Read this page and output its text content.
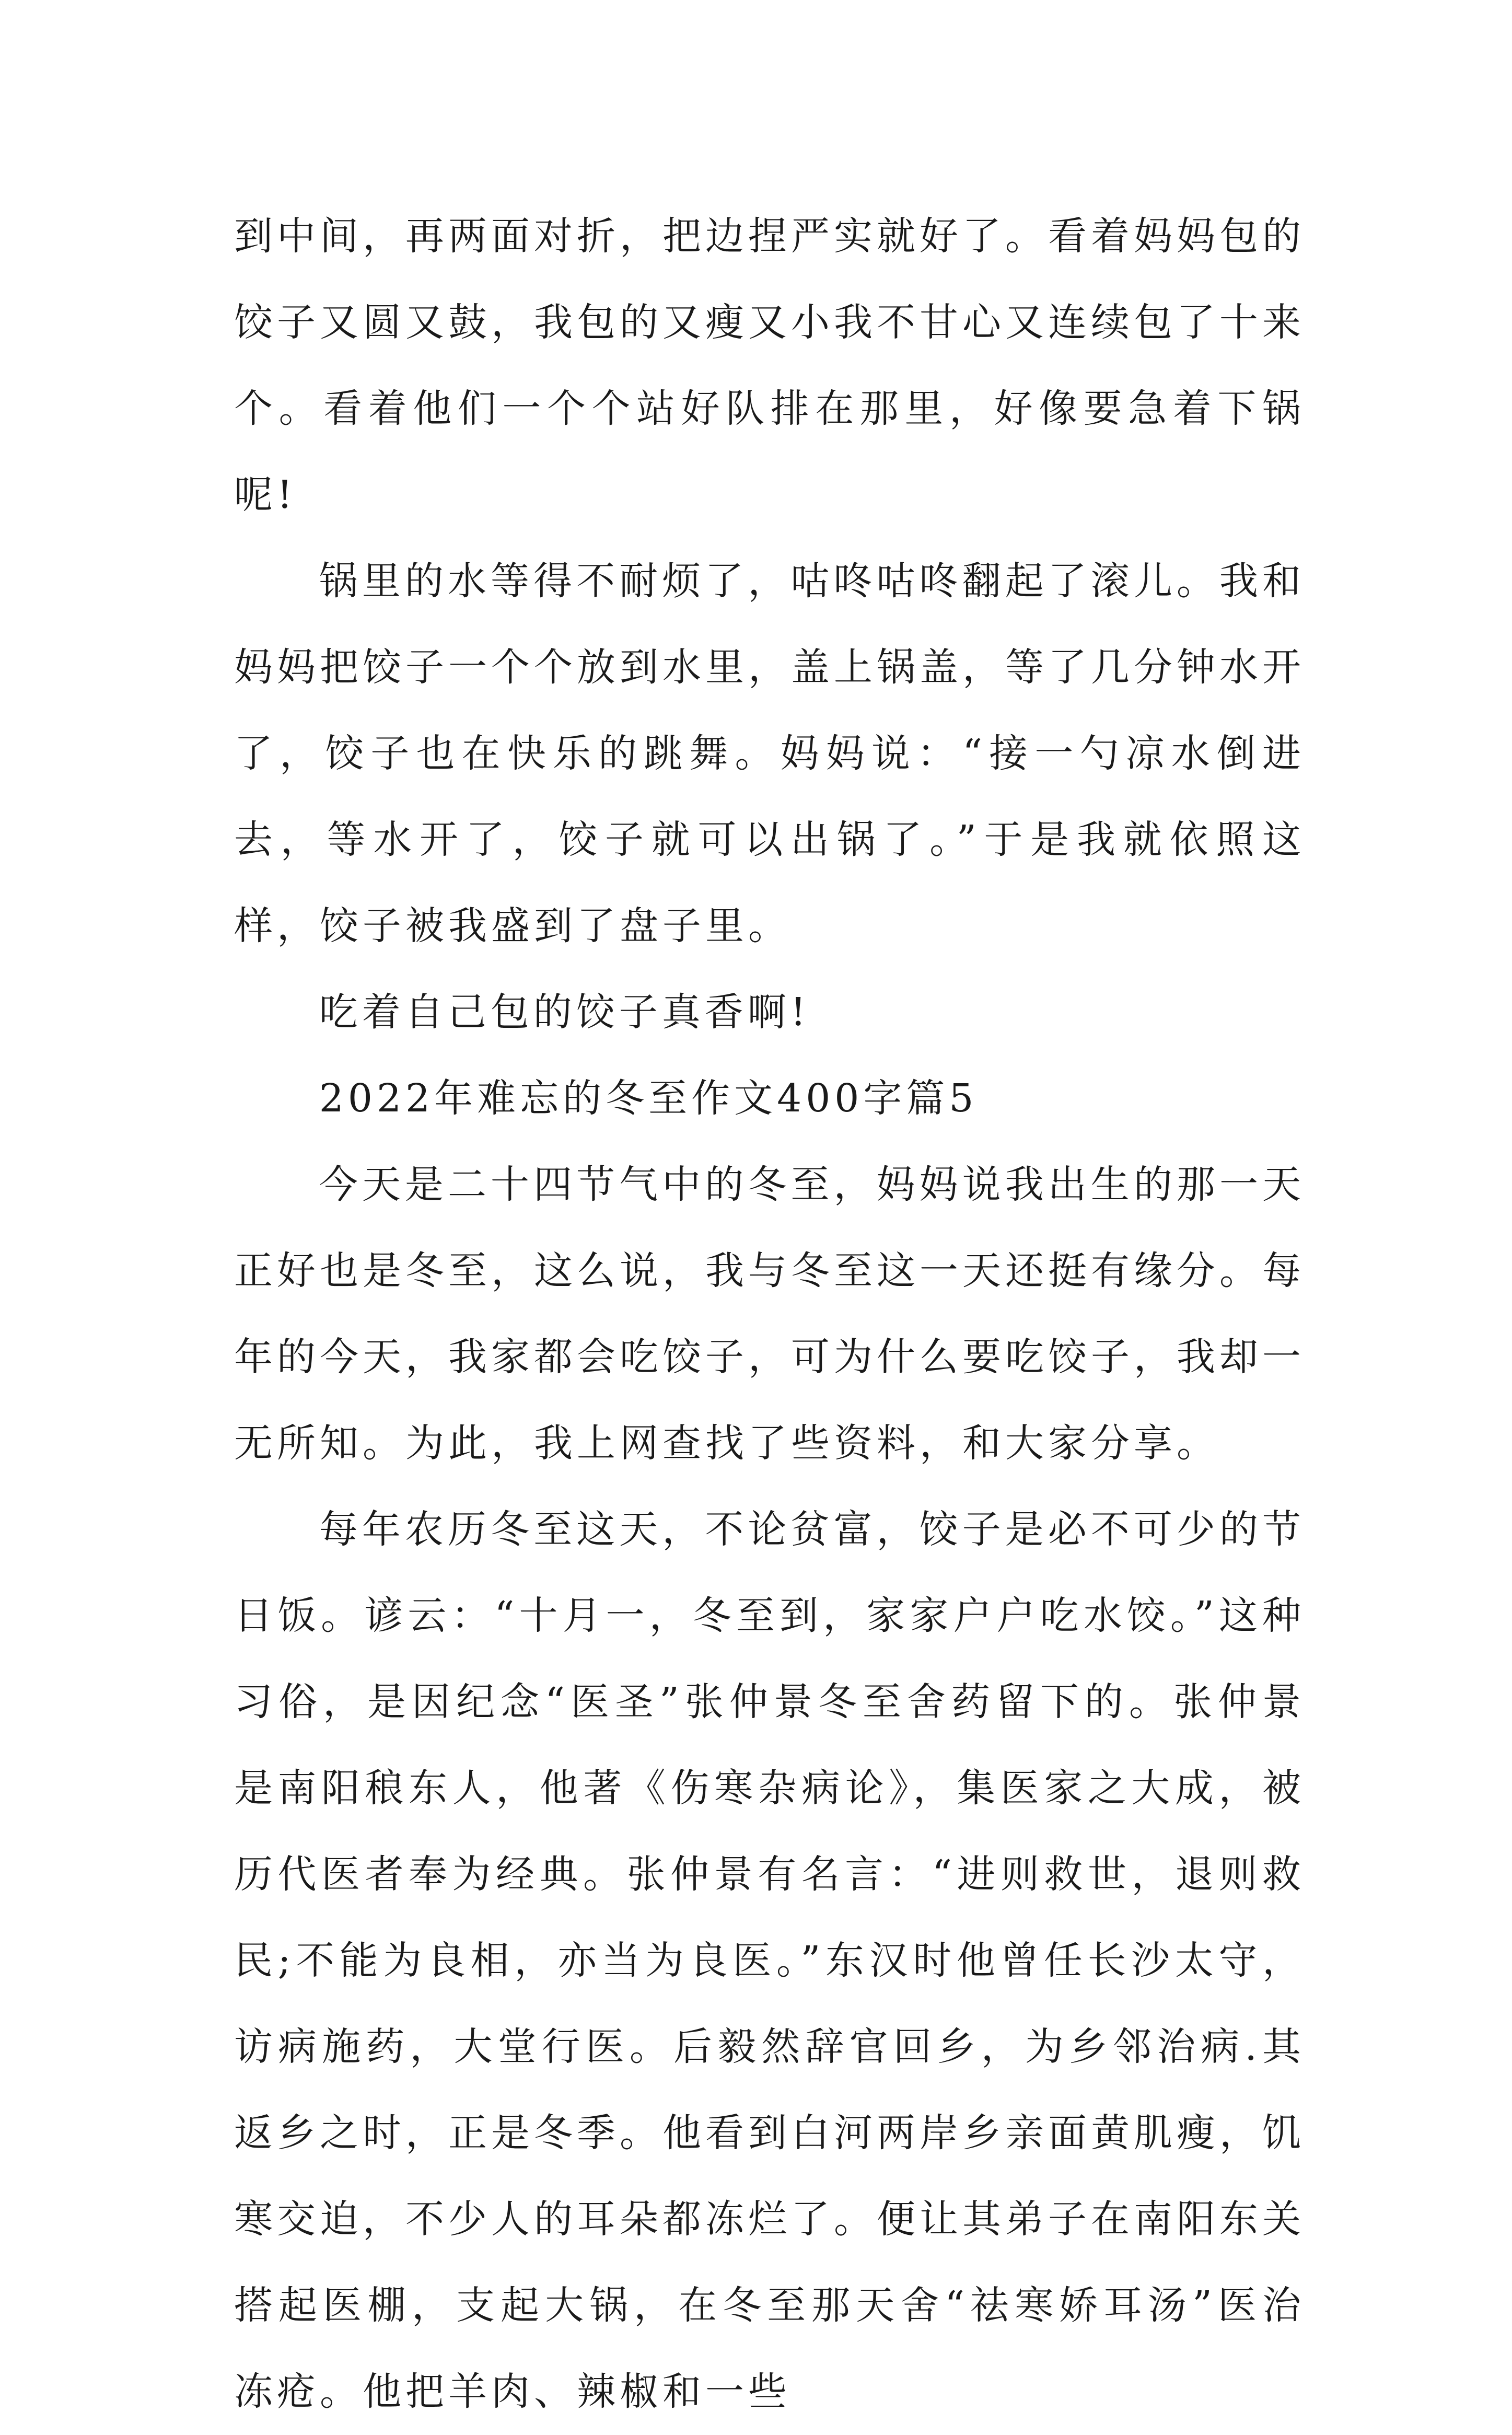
到中间，再两面对折，把边捏严实就好了。看着妈妈包的饺子又圆又鼓，我包的又瘦又小我不甘心又连续包了十来个。看着他们一个个站好队排在那里，好像要急着下锅呢!

锅里的水等得不耐烦了，咕咚咕咚翻起了滚儿。我和妈妈把饺子一个个放到水里，盖上锅盖，等了几分钟水开了，饺子也在快乐的跳舞。妈妈说：“接一勺凉水倒进去，等水开了，饺子就可以出锅了。”于是我就依照这样，饺子被我盛到了盘子里。

吃着自己包的饺子真香啊!

2022年难忘的冬至作文400字篇5

今天是二十四节气中的冬至，妈妈说我出生的那一天正好也是冬至，这么说，我与冬至这一天还挺有缘分。每年的今天，我家都会吃饺子，可为什么要吃饺子，我却一无所知。为此，我上网查找了些资料，和大家分享。

每年农历冬至这天，不论贫富，饺子是必不可少的节日饭。谚云：“十月一，冬至到，家家户户吃水饺。”这种习俗，是因纪念“医圣”张仲景冬至舍药留下的。张仲景是南阳稂东人，他著《伤寒杂病论》，集医家之大成，被历代医者奉为经典。张仲景有名言：“进则救世，退则救民;不能为良相，亦当为良医。”东汉时他曾任长沙太守，访病施药，大堂行医。后毅然辞官回乡，为乡邻治病.其返乡之时，正是冬季。他看到白河两岸乡亲面黄肌瘦，饥寒交迫，不少人的耳朵都冻烂了。便让其弟子在南阳东关搭起医棚，支起大锅，在冬至那天舍“祛寒娇耳汤”医治冻疮。他把羊肉、辣椒和一些
